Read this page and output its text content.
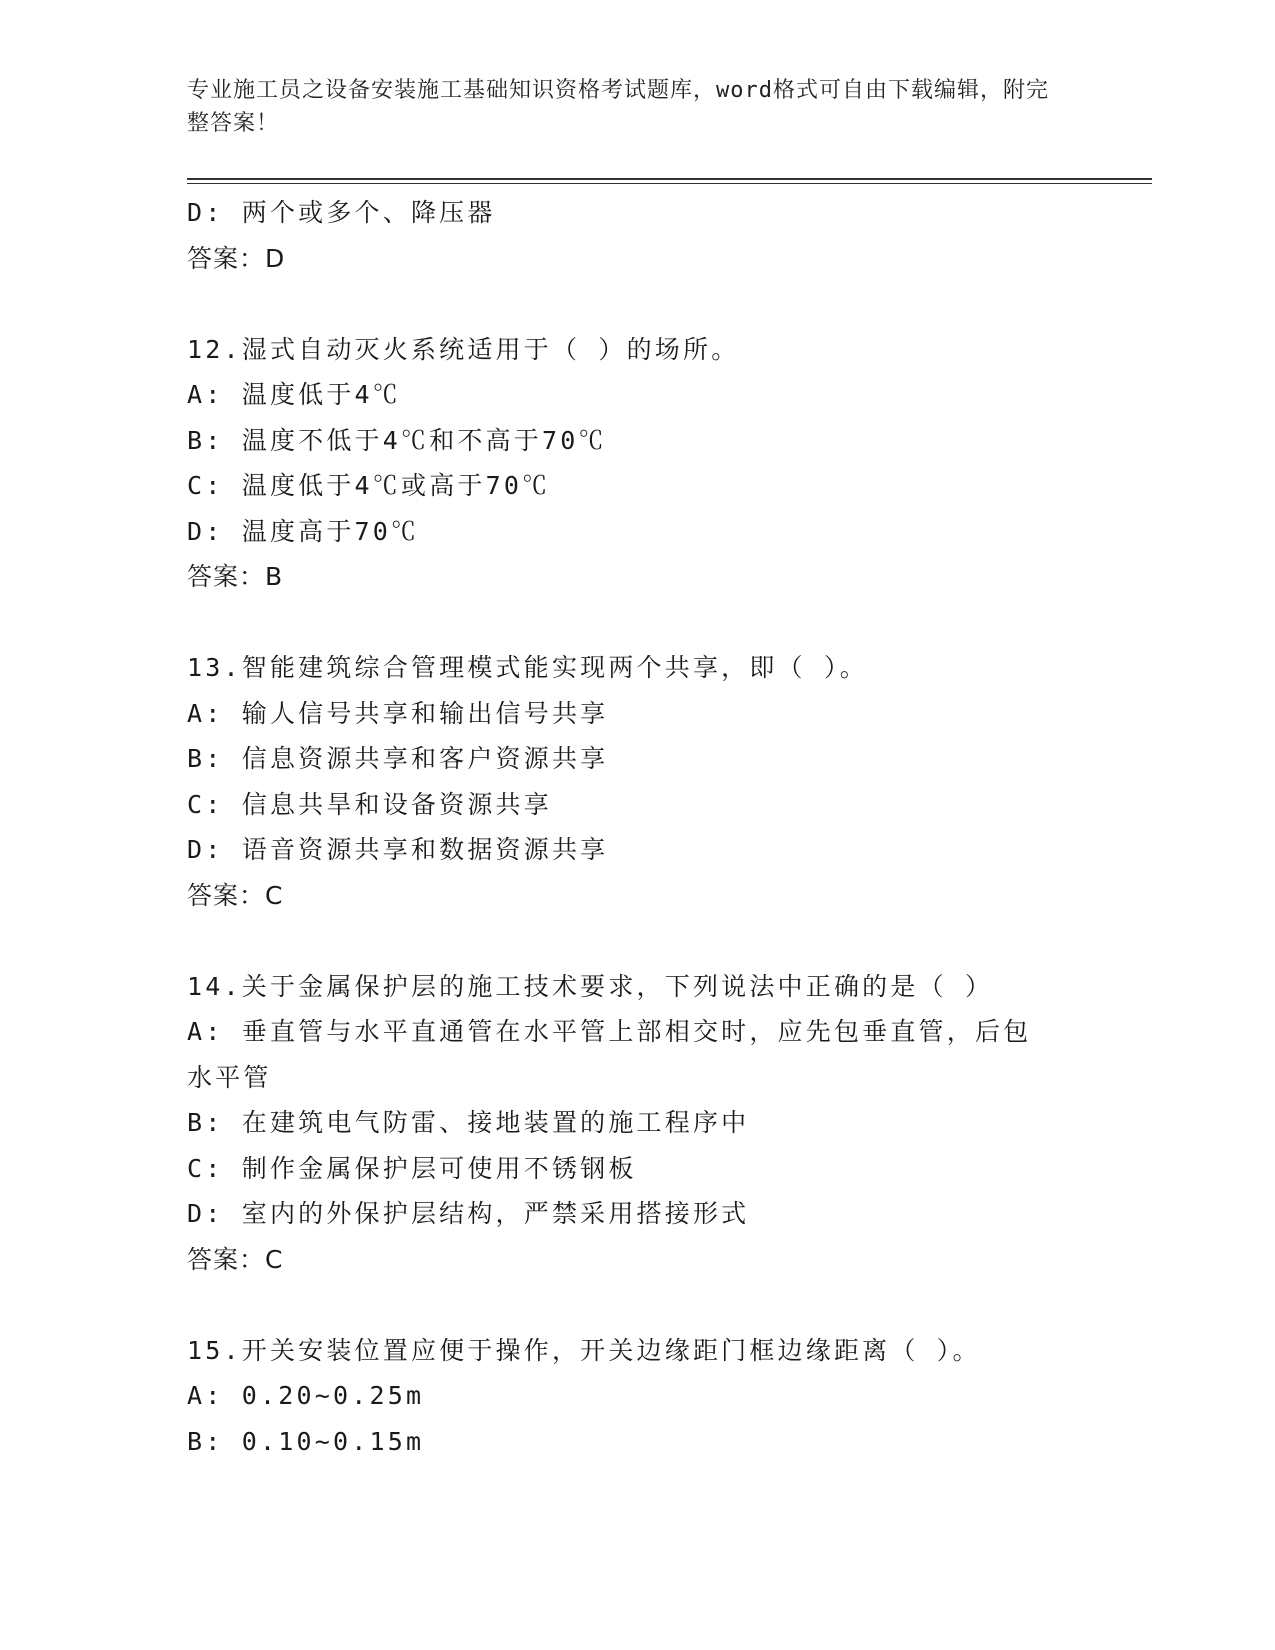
专业施工员之设备安装施工基础知识资格考试题库，word格式可自由下载编辑，附完整答案！
D: 两个或多个、降压器
答案：D
12.湿式自动灭火系统适用于（ ）的场所。
A: 温度低于4℃
B: 温度不低于4℃和不高于70℃
C: 温度低于4℃或高于70℃
D: 温度高于70℃
答案：B
13.智能建筑综合管理模式能实现两个共享，即（ ）。
A: 输人信号共享和输出信号共享
B: 信息资源共享和客户资源共享
C: 信息共旱和设备资源共享
D: 语音资源共享和数据资源共享
答案：C
14.关于金属保护层的施工技术要求，下列说法中正确的是（ ）
A: 垂直管与水平直通管在水平管上部相交时，应先包垂直管，后包水平管
B: 在建筑电气防雷、接地装置的施工程序中
C: 制作金属保护层可使用不锈钢板
D: 室内的外保护层结构，严禁采用搭接形式
答案：C
15.开关安装位置应便于操作，开关边缘距门框边缘距离（ ）。
A: 0.20~0.25m
B: 0.10~0.15m
